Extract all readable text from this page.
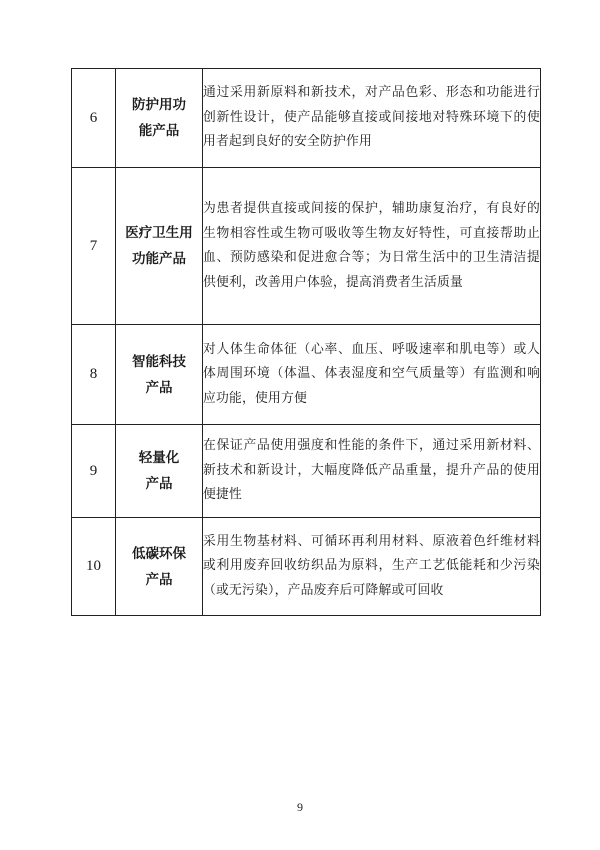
6	防护用功能产品	通过采用新原料和新技术，对产品色彩、形态和功能进行创新性设计，使产品能够直接或间接地对特殊环境下的使用者起到良好的安全防护作用
7	医疗卫生用功能产品	为患者提供直接或间接的保护，辅助康复治疗，有良好的生物相容性或生物可吸收等生物友好特性，可直接帮助止血、预防感染和促进愈合等；为日常生活中的卫生清洁提供便利，改善用户体验，提高消费者生活质量
8	智能科技产品	对人体生命体征（心率、血压、呼吸速率和肌电等）或人体周围环境（体温、体表湿度和空气质量等）有监测和响应功能，使用方便
9	轻量化产品	在保证产品使用强度和性能的条件下，通过采用新材料、新技术和新设计，大幅度降低产品重量，提升产品的使用便捷性
10	低碳环保产品	采用生物基材料、可循环再利用材料、原液着色纤维材料或利用废弃回收纺织品为原料，生产工艺低能耗和少污染（或无污染），产品废弃后可降解或可回收
9
